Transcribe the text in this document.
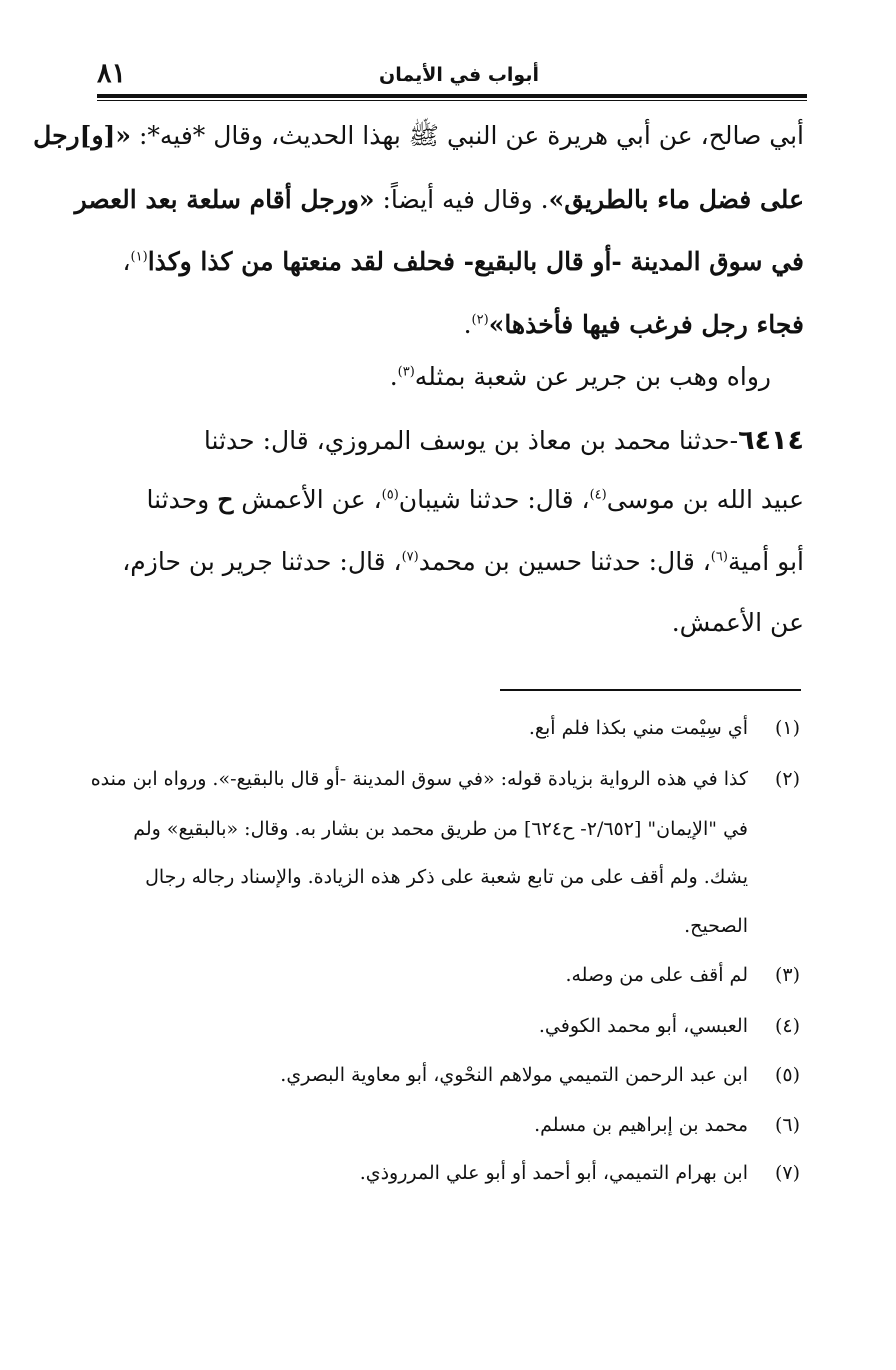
٨١	أبواب في الأيمان
أبي صالح، عن أبي هريرة عن النبي ﷺ بهذا الحديث، وقال *فيه*: «[و]رجل
على فضل ماء بالطريق». وقال فيه أيضاً: «ورجل أقام سلعة بعد العصر
في سوق المدينة -أو قال بالبقيع- فحلف لقد منعتها من كذا وكذا$^{(١)}$،
فجاء رجل فرغب فيها فأخذها»$^{(٢)}$.
رواه وهب بن جرير عن شعبة بمثله$^{(٣)}$.
٦٤١٤-حدثنا محمد بن معاذ بن يوسف المروزي، قال: حدثنا
عبيد الله بن موسى$^{(٤)}$، قال: حدثنا شيبان$^{(٥)}$، عن الأعمش ح وحدثنا
أبو أمية$^{(٦)}$، قال: حدثنا حسين بن محمد$^{(٧)}$، قال: حدثنا جرير بن حازم،
عن الأعمش.
(١)أي سِيْمت مني بكذا فلم أبع.
(٢)كذا في هذه الرواية بزيادة قوله: «في سوق المدينة -أو قال بالبقيع-». ورواه ابن منده
في "الإيمان" [٢/٦٥٢- ح٦٢٤] من طريق محمد بن بشار به. وقال: «بالبقيع» ولم
يشك. ولم أقف على من تابع شعبة على ذكر هذه الزيادة. والإسناد رجاله رجال
الصحيح.
(٣)لم أقف على من وصله.
(٤)العبسي، أبو محمد الكوفي.
(٥)ابن عبد الرحمن التميمي مولاهم النحْوي، أبو معاوية البصري.
(٦)محمد بن إبراهيم بن مسلم.
(٧)ابن بهرام التميمي، أبو أحمد أو أبو علي المرروذي.
